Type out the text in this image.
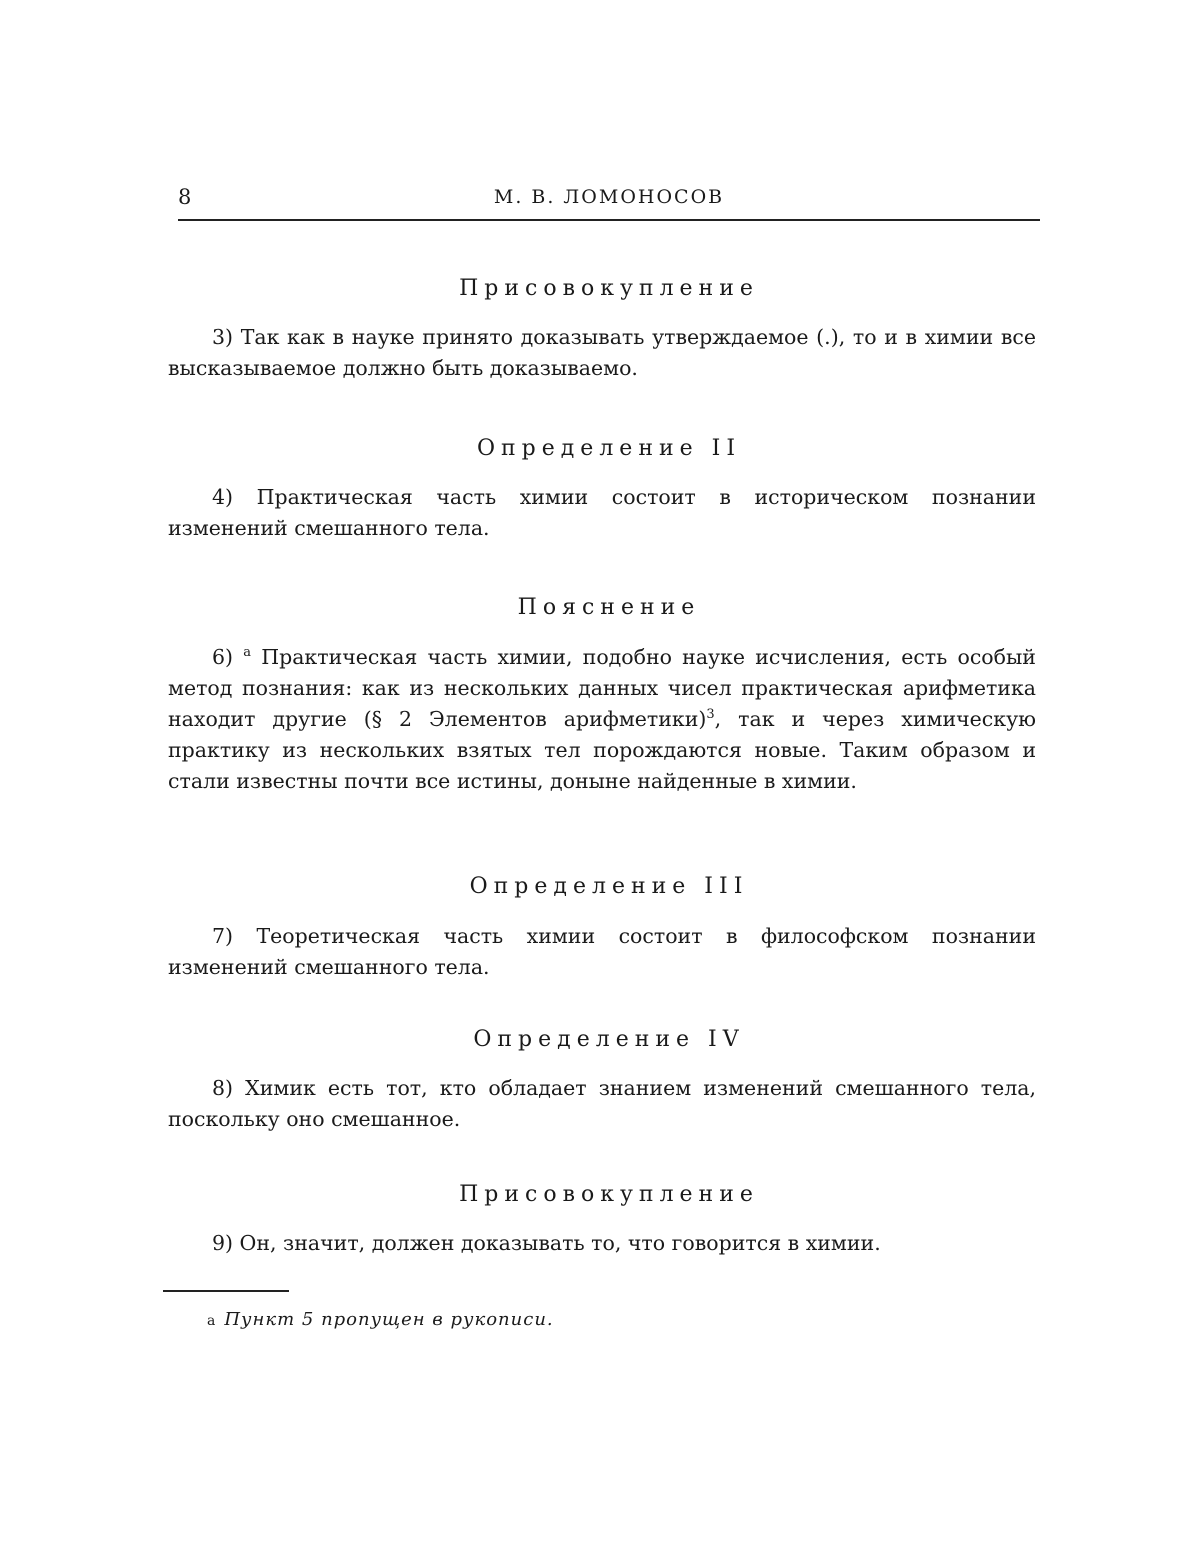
8	М. В. ЛОМОНОСОВ
Присовокупление

3) Так как в науке принято доказывать утверждаемое (.), то и в химии все высказываемое должно быть доказываемо.

Определение II

4) Практическая часть химии состоит в историческом познании изменений смешанного тела.

Пояснение

6) $^а$ Практическая часть химии, подобно науке исчисления, есть особый метод познания: как из нескольких данных чисел практическая арифметика находит другие (§ 2 Элементов арифметики)$^3$, так и через химическую практику из нескольких взятых тел порождаются новые. Таким образом и стали известны почти все истины, доныне найденные в химии.

Определение III

7) Теоретическая часть химии состоит в философском познании изменений смешанного тела.

Определение IV

8) Химик есть тот, кто обладает знанием изменений смешанного тела, поскольку оно смешанное.

Присовокупление

9) Он, значит, должен доказывать то, что говорится в химии.

а Пункт 5 пропущен в рукописи.
